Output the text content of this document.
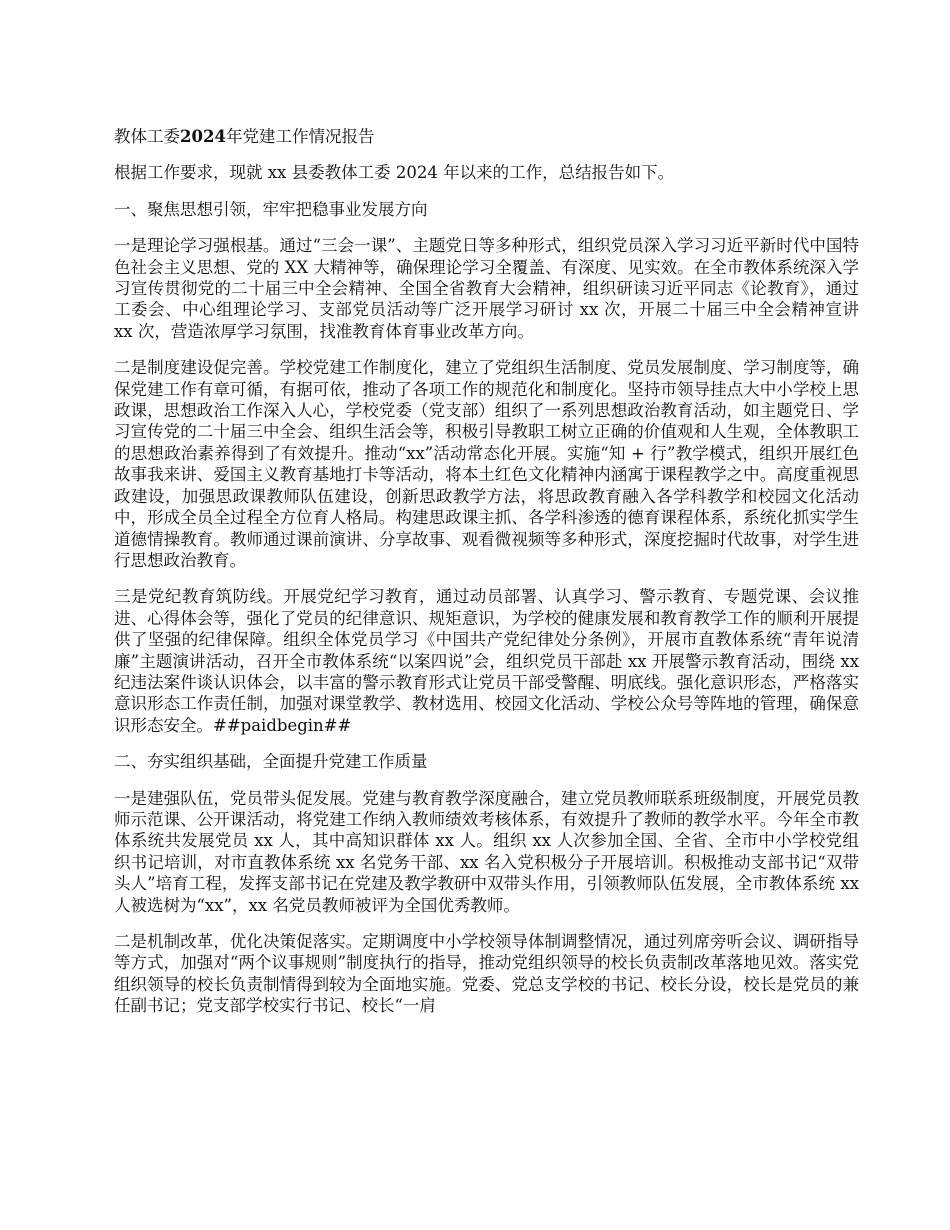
教体工委2024年党建工作情况报告

根据工作要求，现就 xx 县委教体工委 2024 年以来的工作，总结报告如下。

一、聚焦思想引领，牢牢把稳事业发展方向

一是理论学习强根基。通过“三会一课”、主题党日等多种形式，组织党员深入学习习近平新时代中国特色社会主义思想、党的 XX 大精神等，确保理论学习全覆盖、有深度、见实效。在全市教体系统深入学习宣传贯彻党的二十届三中全会精神、全国全省教育大会精神，组织研读习近平同志《论教育》，通过工委会、中心组理论学习、支部党员活动等广泛开展学习研讨 xx 次，开展二十届三中全会精神宣讲 xx 次，营造浓厚学习氛围，找准教育体育事业改革方向。

二是制度建设促完善。学校党建工作制度化，建立了党组织生活制度、党员发展制度、学习制度等，确保党建工作有章可循，有据可依，推动了各项工作的规范化和制度化。坚持市领导挂点大中小学校上思政课，思想政治工作深入人心，学校党委（党支部）组织了一系列思想政治教育活动，如主题党日、学习宣传党的二十届三中全会、组织生活会等，积极引导教职工树立正确的价值观和人生观，全体教职工的思想政治素养得到了有效提升。推动“xx”活动常态化开展。实施“知 + 行”教学模式，组织开展红色故事我来讲、爱国主义教育基地打卡等活动，将本土红色文化精神内涵寓于课程教学之中。高度重视思政建设，加强思政课教师队伍建设，创新思政教学方法，将思政教育融入各学科教学和校园文化活动中，形成全员全过程全方位育人格局。构建思政课主抓、各学科渗透的德育课程体系，系统化抓实学生道德情操教育。教师通过课前演讲、分享故事、观看微视频等多种形式，深度挖掘时代故事，对学生进行思想政治教育。

三是党纪教育筑防线。开展党纪学习教育，通过动员部署、认真学习、警示教育、专题党课、会议推进、心得体会等，强化了党员的纪律意识、规矩意识，为学校的健康发展和教育教学工作的顺利开展提供了坚强的纪律保障。组织全体党员学习《中国共产党纪律处分条例》，开展市直教体系统“青年说清廉”主题演讲活动，召开全市教体系统“以案四说”会，组织党员干部赴 xx 开展警示教育活动，围绕 xx 纪违法案件谈认识体会，以丰富的警示教育形式让党员干部受警醒、明底线。强化意识形态，严格落实意识形态工作责任制，加强对课堂教学、教材选用、校园文化活动、学校公众号等阵地的管理，确保意识形态安全。##paidbegin##

二、夯实组织基础，全面提升党建工作质量

一是建强队伍，党员带头促发展。党建与教育教学深度融合，建立党员教师联系班级制度，开展党员教师示范课、公开课活动，将党建工作纳入教师绩效考核体系，有效提升了教师的教学水平。今年全市教体系统共发展党员 xx 人，其中高知识群体 xx 人。组织 xx 人次参加全国、全省、全市中小学校党组织书记培训，对市直教体系统 xx 名党务干部、xx 名入党积极分子开展培训。积极推动支部书记“双带头人”培育工程，发挥支部书记在党建及教学教研中双带头作用，引领教师队伍发展，全市教体系统 xx 人被选树为“xx”，xx 名党员教师被评为全国优秀教师。

二是机制改革，优化决策促落实。定期调度中小学校领导体制调整情况，通过列席旁听会议、调研指导等方式，加强对“两个议事规则”制度执行的指导，推动党组织领导的校长负责制改革落地见效。落实党组织领导的校长负责制情得到较为全面地实施。党委、党总支学校的书记、校长分设，校长是党员的兼任副书记；党支部学校实行书记、校长“一肩
